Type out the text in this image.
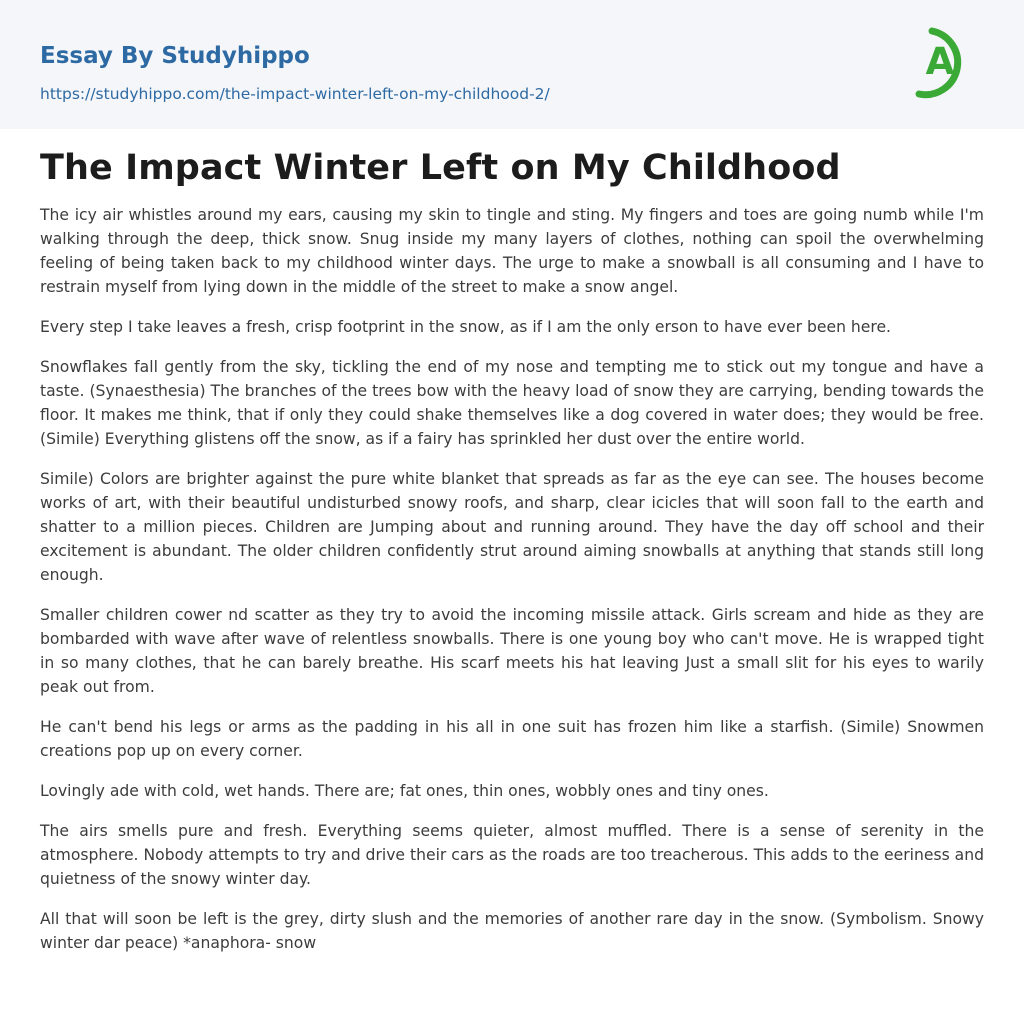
Essay By Studyhippo
https://studyhippo.com/the-impact-winter-left-on-my-childhood-2/
A
The Impact Winter Left on My Childhood

The icy air whistles around my ears, causing my skin to tingle and sting. My fingers and toes are going numb while I'm walking through the deep, thick snow. Snug inside my many layers of clothes, nothing can spoil the overwhelming feeling of being taken back to my childhood winter days. The urge to make a snowball is all consuming and I have to restrain myself from lying down in the middle of the street to make a snow angel.

Every step I take leaves a fresh, crisp footprint in the snow, as if I am the only erson to have ever been here.

Snowflakes fall gently from the sky, tickling the end of my nose and tempting me to stick out my tongue and have a taste. (Synaesthesia) The branches of the trees bow with the heavy load of snow they are carrying, bending towards the floor. It makes me think, that if only they could shake themselves like a dog covered in water does; they would be free. (Simile) Everything glistens off the snow, as if a fairy has sprinkled her dust over the entire world.

Simile) Colors are brighter against the pure white blanket that spreads as far as the eye can see. The houses become works of art, with their beautiful undisturbed snowy roofs, and sharp, clear icicles that will soon fall to the earth and shatter to a million pieces. Children are Jumping about and running around. They have the day off school and their excitement is abundant. The older children confidently strut around aiming snowballs at anything that stands still long enough.

Smaller children cower nd scatter as they try to avoid the incoming missile attack. Girls scream and hide as they are bombarded with wave after wave of relentless snowballs. There is one young boy who can't move. He is wrapped tight in so many clothes, that he can barely breathe. His scarf meets his hat leaving Just a small slit for his eyes to warily peak out from.

He can't bend his legs or arms as the padding in his all in one suit has frozen him like a starfish. (Simile) Snowmen creations pop up on every corner.

Lovingly ade with cold, wet hands. There are; fat ones, thin ones, wobbly ones and tiny ones.

The airs smells pure and fresh. Everything seems quieter, almost muffled. There is a sense of serenity in the atmosphere. Nobody attempts to try and drive their cars as the roads are too treacherous. This adds to the eeriness and quietness of the snowy winter day.

All that will soon be left is the grey, dirty slush and the memories of another rare day in the snow. (Symbolism. Snowy winter dar peace) *anaphora- snow
